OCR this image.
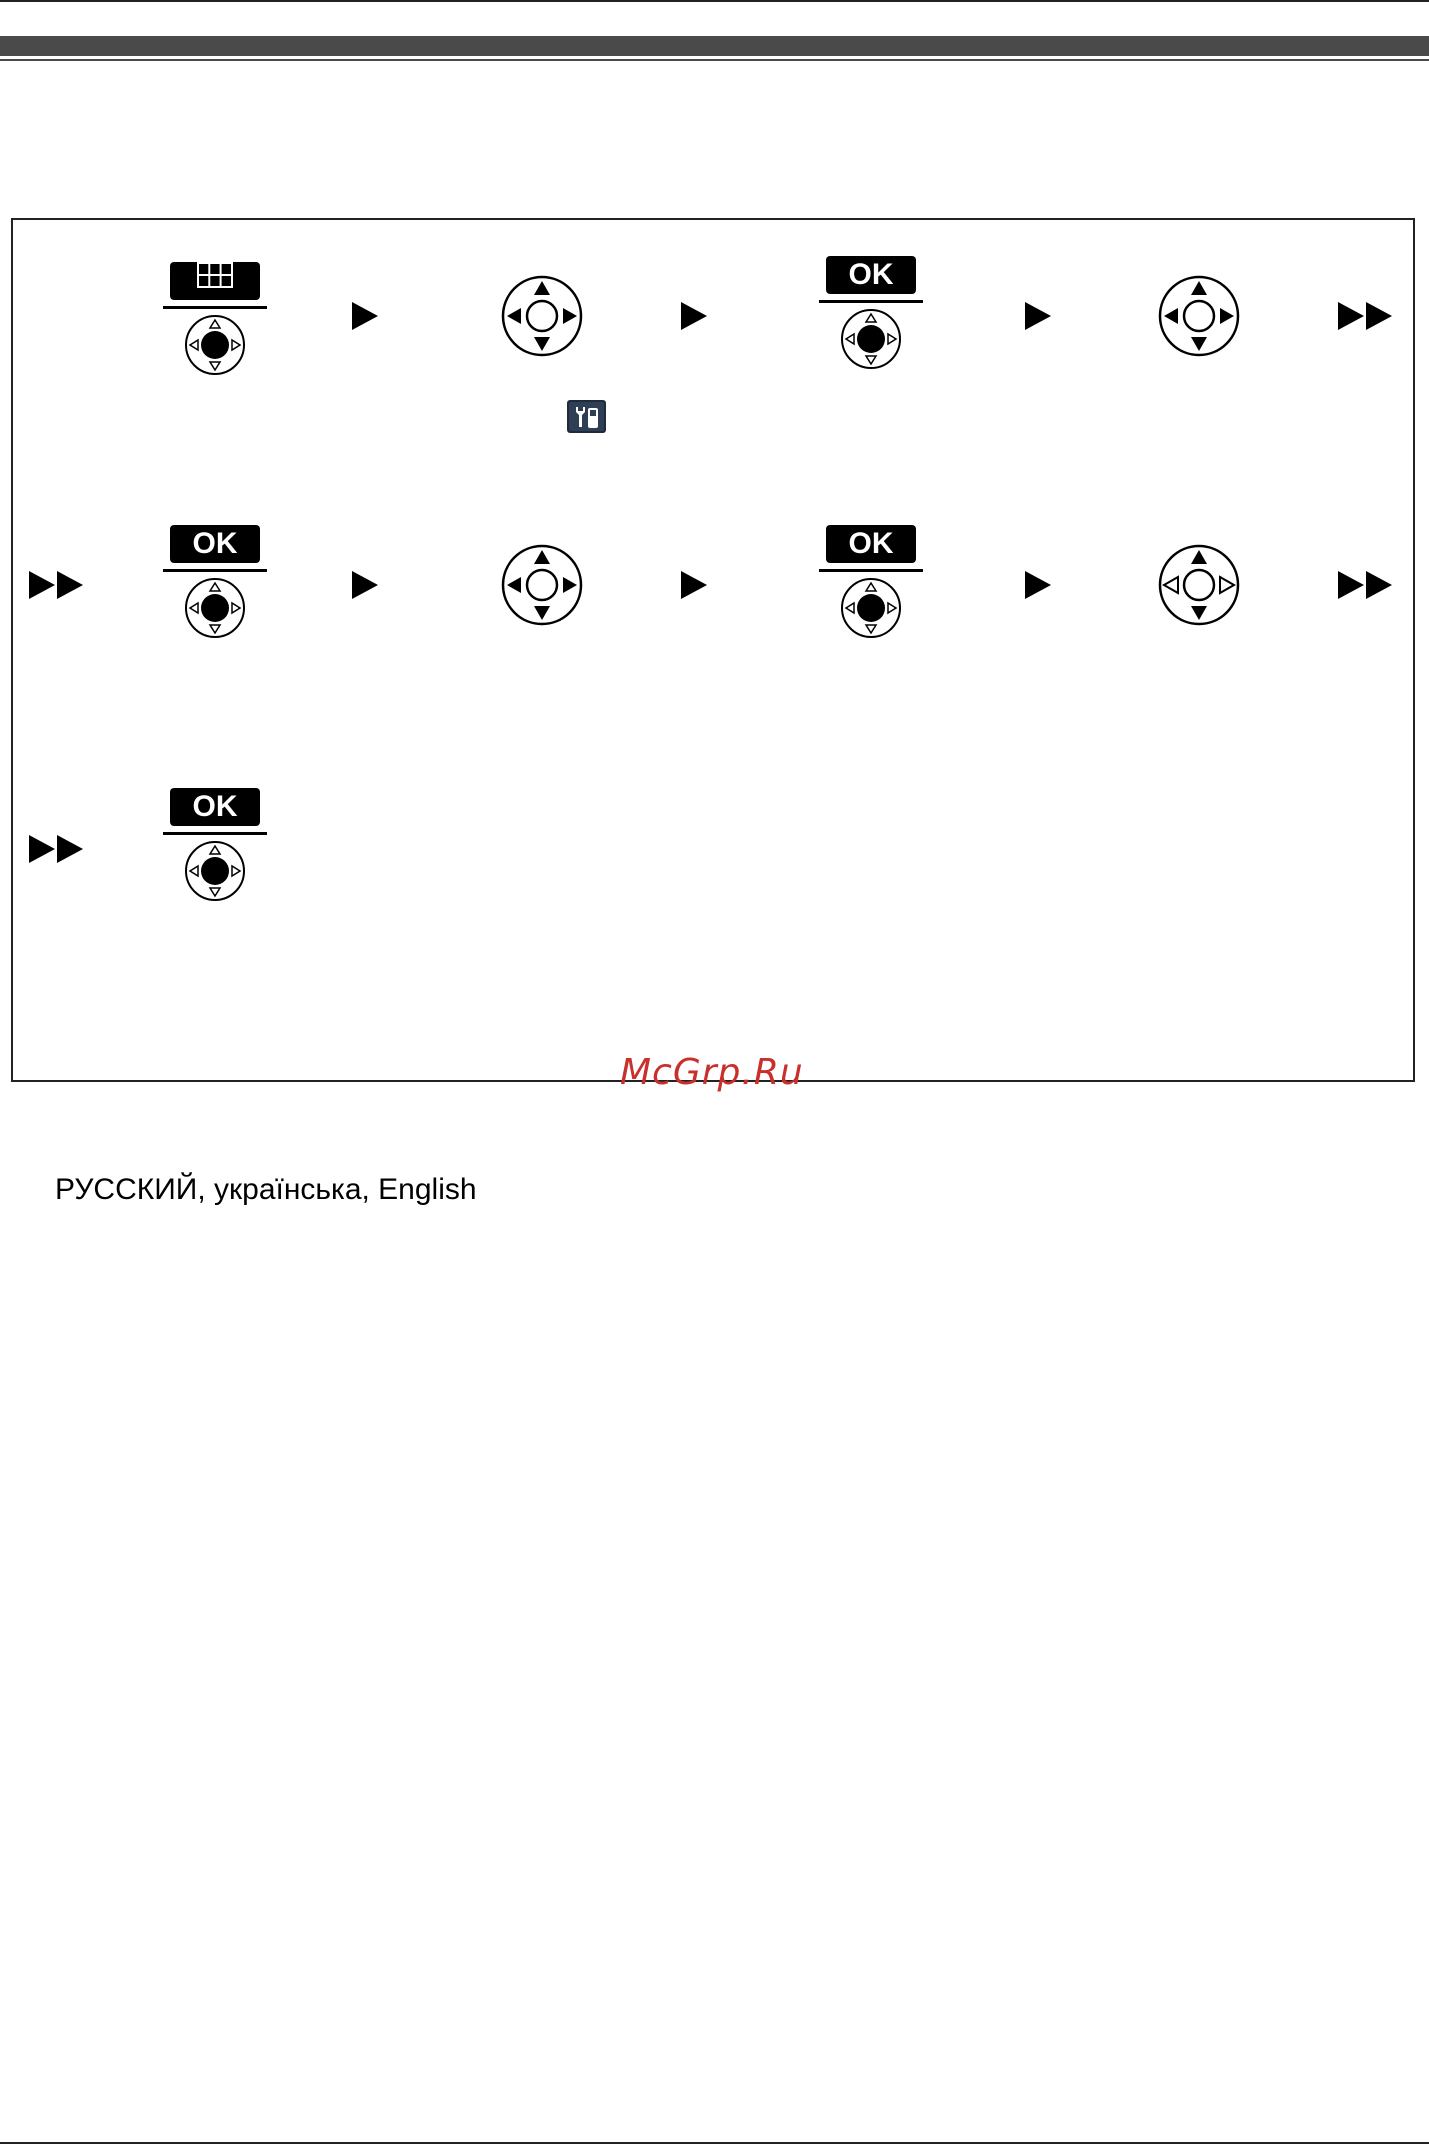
OK
OK	OK
OK
McGrp.Ru
РУССКИЙ, українська, English
